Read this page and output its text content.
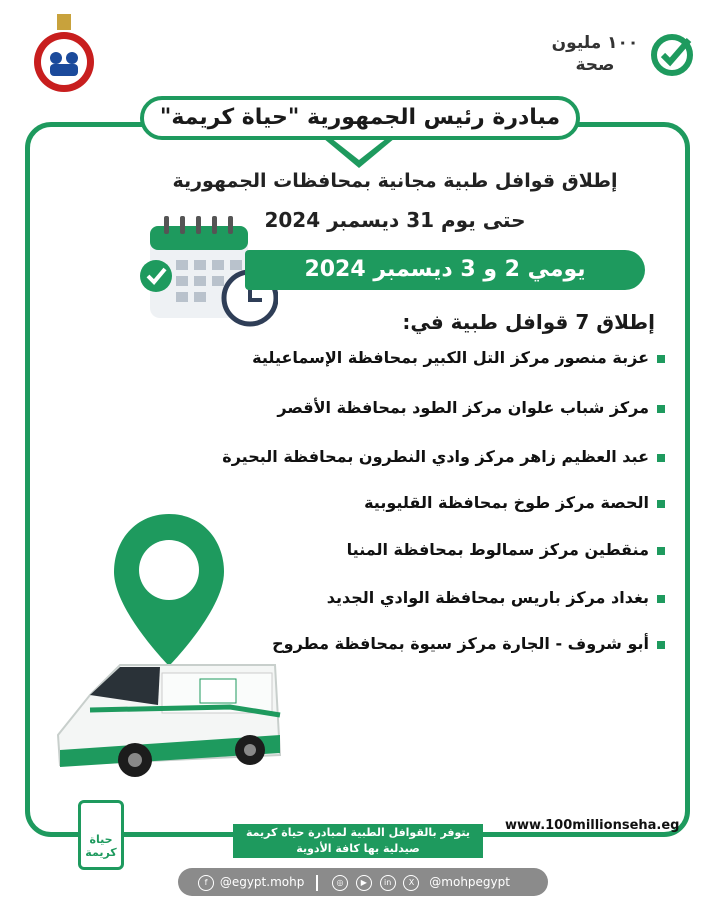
١٠٠ مليون صحة
مبادرة رئيس الجمهورية "حياة كريمة"
إطلاق قوافل طبية مجانية بمحافظات الجمهورية
حتى يوم 31 ديسمبر 2024
يومي 2 و 3 ديسمبر 2024
إطلاق 7 قوافل طبية في:
عزبة منصور مركز التل الكبير بمحافظة الإسماعيلية
مركز شباب علوان مركز الطود بمحافظة الأقصر
عبد العظيم زاهر مركز وادي النطرون بمحافظة البحيرة
الحصة مركز طوخ بمحافظة القليوبية
منقطين مركز سمالوط بمحافظة المنيا
بغداد مركز باريس بمحافظة الوادي الجديد
أبو شروف - الجارة مركز سيوة بمحافظة مطروح
حياة كريمة
يتوفر بالقوافل الطبية لمبادرة حياة كريمة
صيدلية بها كافة الأدوية
www.100millionseha.eg
f @egypt.mohp	◎ ▶ in X @mohpegypt
